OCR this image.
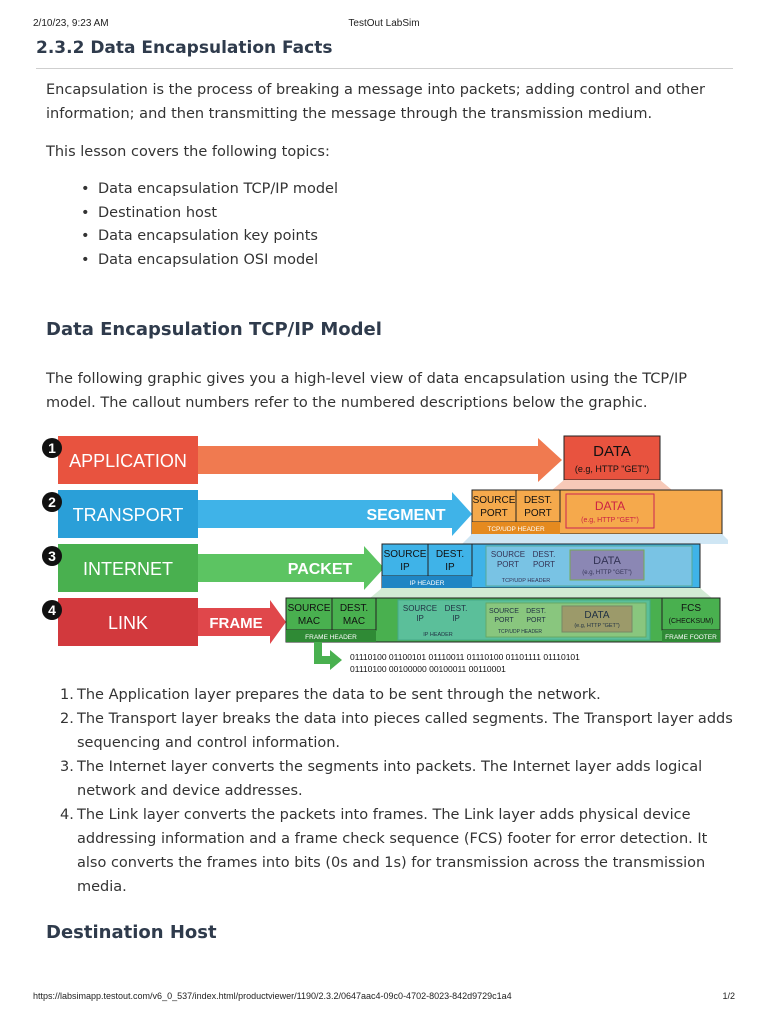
2/10/23, 9:23 AM	TestOut LabSim
2.3.2 Data Encapsulation Facts

Encapsulation is the process of breaking a message into packets; adding control and other information; and then transmitting the message through the transmission medium.

This lesson covers the following topics:

• Data encapsulation TCP/IP model
• Destination host
• Data encapsulation key points
• Data encapsulation OSI model
Data Encapsulation TCP/IP Model

The following graphic gives you a high-level view of data encapsulation using the TCP/IP model. The callout numbers refer to the numbered descriptions below the graphic.

APPLICATION
TRANSPORT
INTERNET
LINK
1
2
3
4
SEGMENT
PACKET
FRAME
DATA
(e.g, HTTP "GET")
SOURCE
PORT
DEST.
PORT
TCP/UDP HEADER
DATA
(e.g, HTTP "GET")
SOURCE
IP
DEST.
IP
IP HEADER
SOURCE
PORT
DEST.
PORT
TCP/UDP HEADER
DATA
(e.g, HTTP "GET")
SOURCE
MAC
DEST.
MAC
FRAME HEADER
SOURCE
IP
DEST.
IP
IP HEADER
SOURCE
PORT
DEST.
PORT
TCP/UDP HEADER
DATA
(e.g, HTTP "GET")
FCS
(CHECKSUM)
FRAME FOOTER
01110100 01100101 01110011 01110100 01101111 01110101
01110100 00100000 00100011 00110001
1. The Application layer prepares the data to be sent through the network.
2. The Transport layer breaks the data into pieces called segments. The Transport layer adds sequencing and control information.
3. The Internet layer converts the segments into packets. The Internet layer adds logical network and device addresses.
4. The Link layer converts the packets into frames. The Link layer adds physical device addressing information and a frame check sequence (FCS) footer for error detection. It also converts the frames into bits (0s and 1s) for transmission across the transmission media.
Destination Host
https://labsimapp.testout.com/v6_0_537/index.html/productviewer/1190/2.3.2/0647aac4-09c0-4702-8023-842d9729c1a4	1/2
